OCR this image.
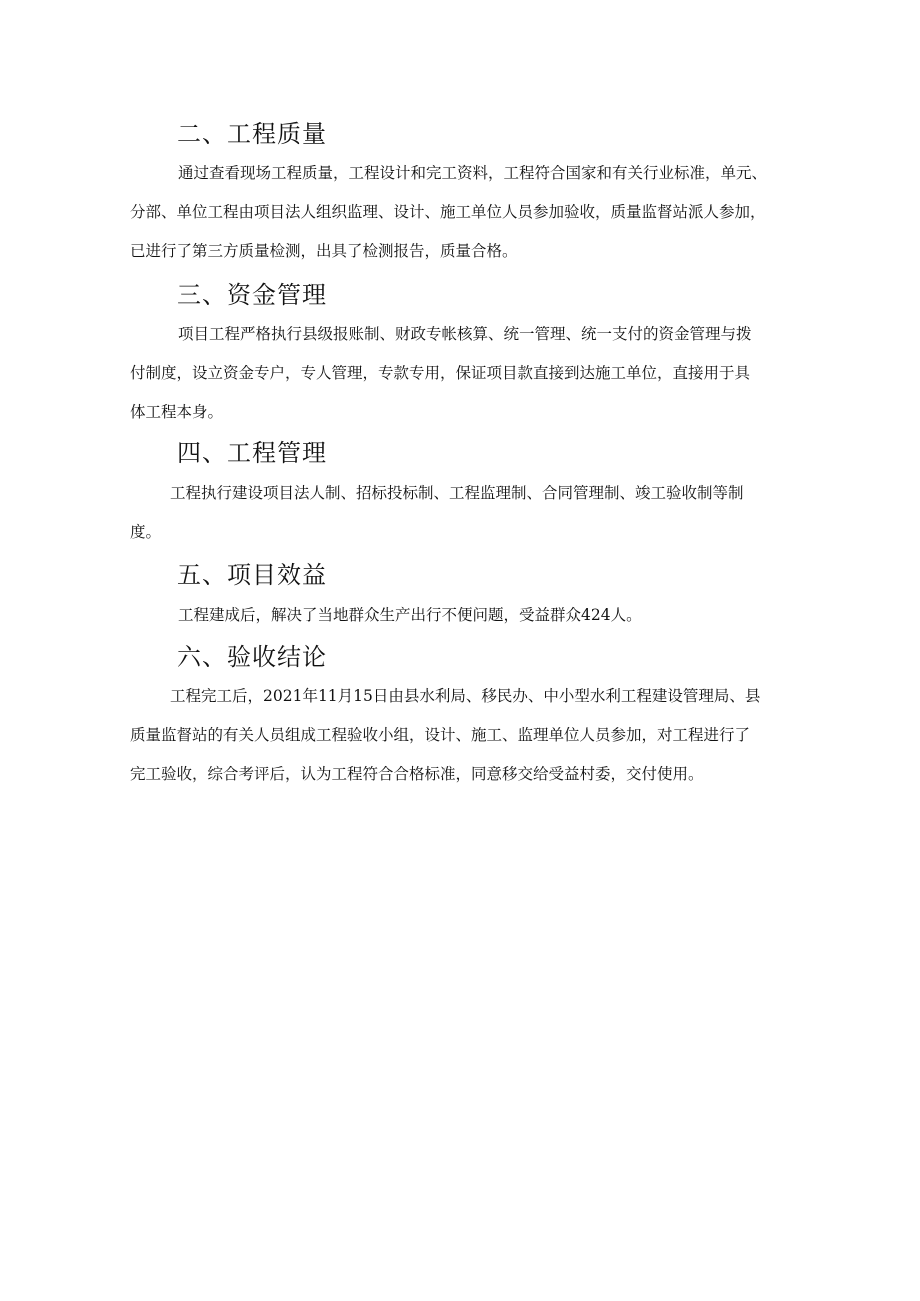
二、工程质量
通过查看现场工程质量，工程设计和完工资料，工程符合国家和有关行业标准，单元、
分部、单位工程由项目法人组织监理、设计、施工单位人员参加验收，质量监督站派人参加，
已进行了第三方质量检测，出具了检测报告，质量合格。
三、资金管理
项目工程严格执行县级报账制、财政专帐核算、统一管理、统一支付的资金管理与拨
付制度，设立资金专户，专人管理，专款专用，保证项目款直接到达施工单位，直接用于具
体工程本身。
四、工程管理
工程执行建设项目法人制、招标投标制、工程监理制、合同管理制、竣工验收制等制
度。
五、项目效益
工程建成后，解决了当地群众生产出行不便问题，受益群众424人。
六、验收结论
工程完工后，2021年11月15日由县水利局、移民办、中小型水利工程建设管理局、县
质量监督站的有关人员组成工程验收小组，设计、施工、监理单位人员参加，对工程进行了
完工验收，综合考评后，认为工程符合合格标准，同意移交给受益村委，交付使用。
